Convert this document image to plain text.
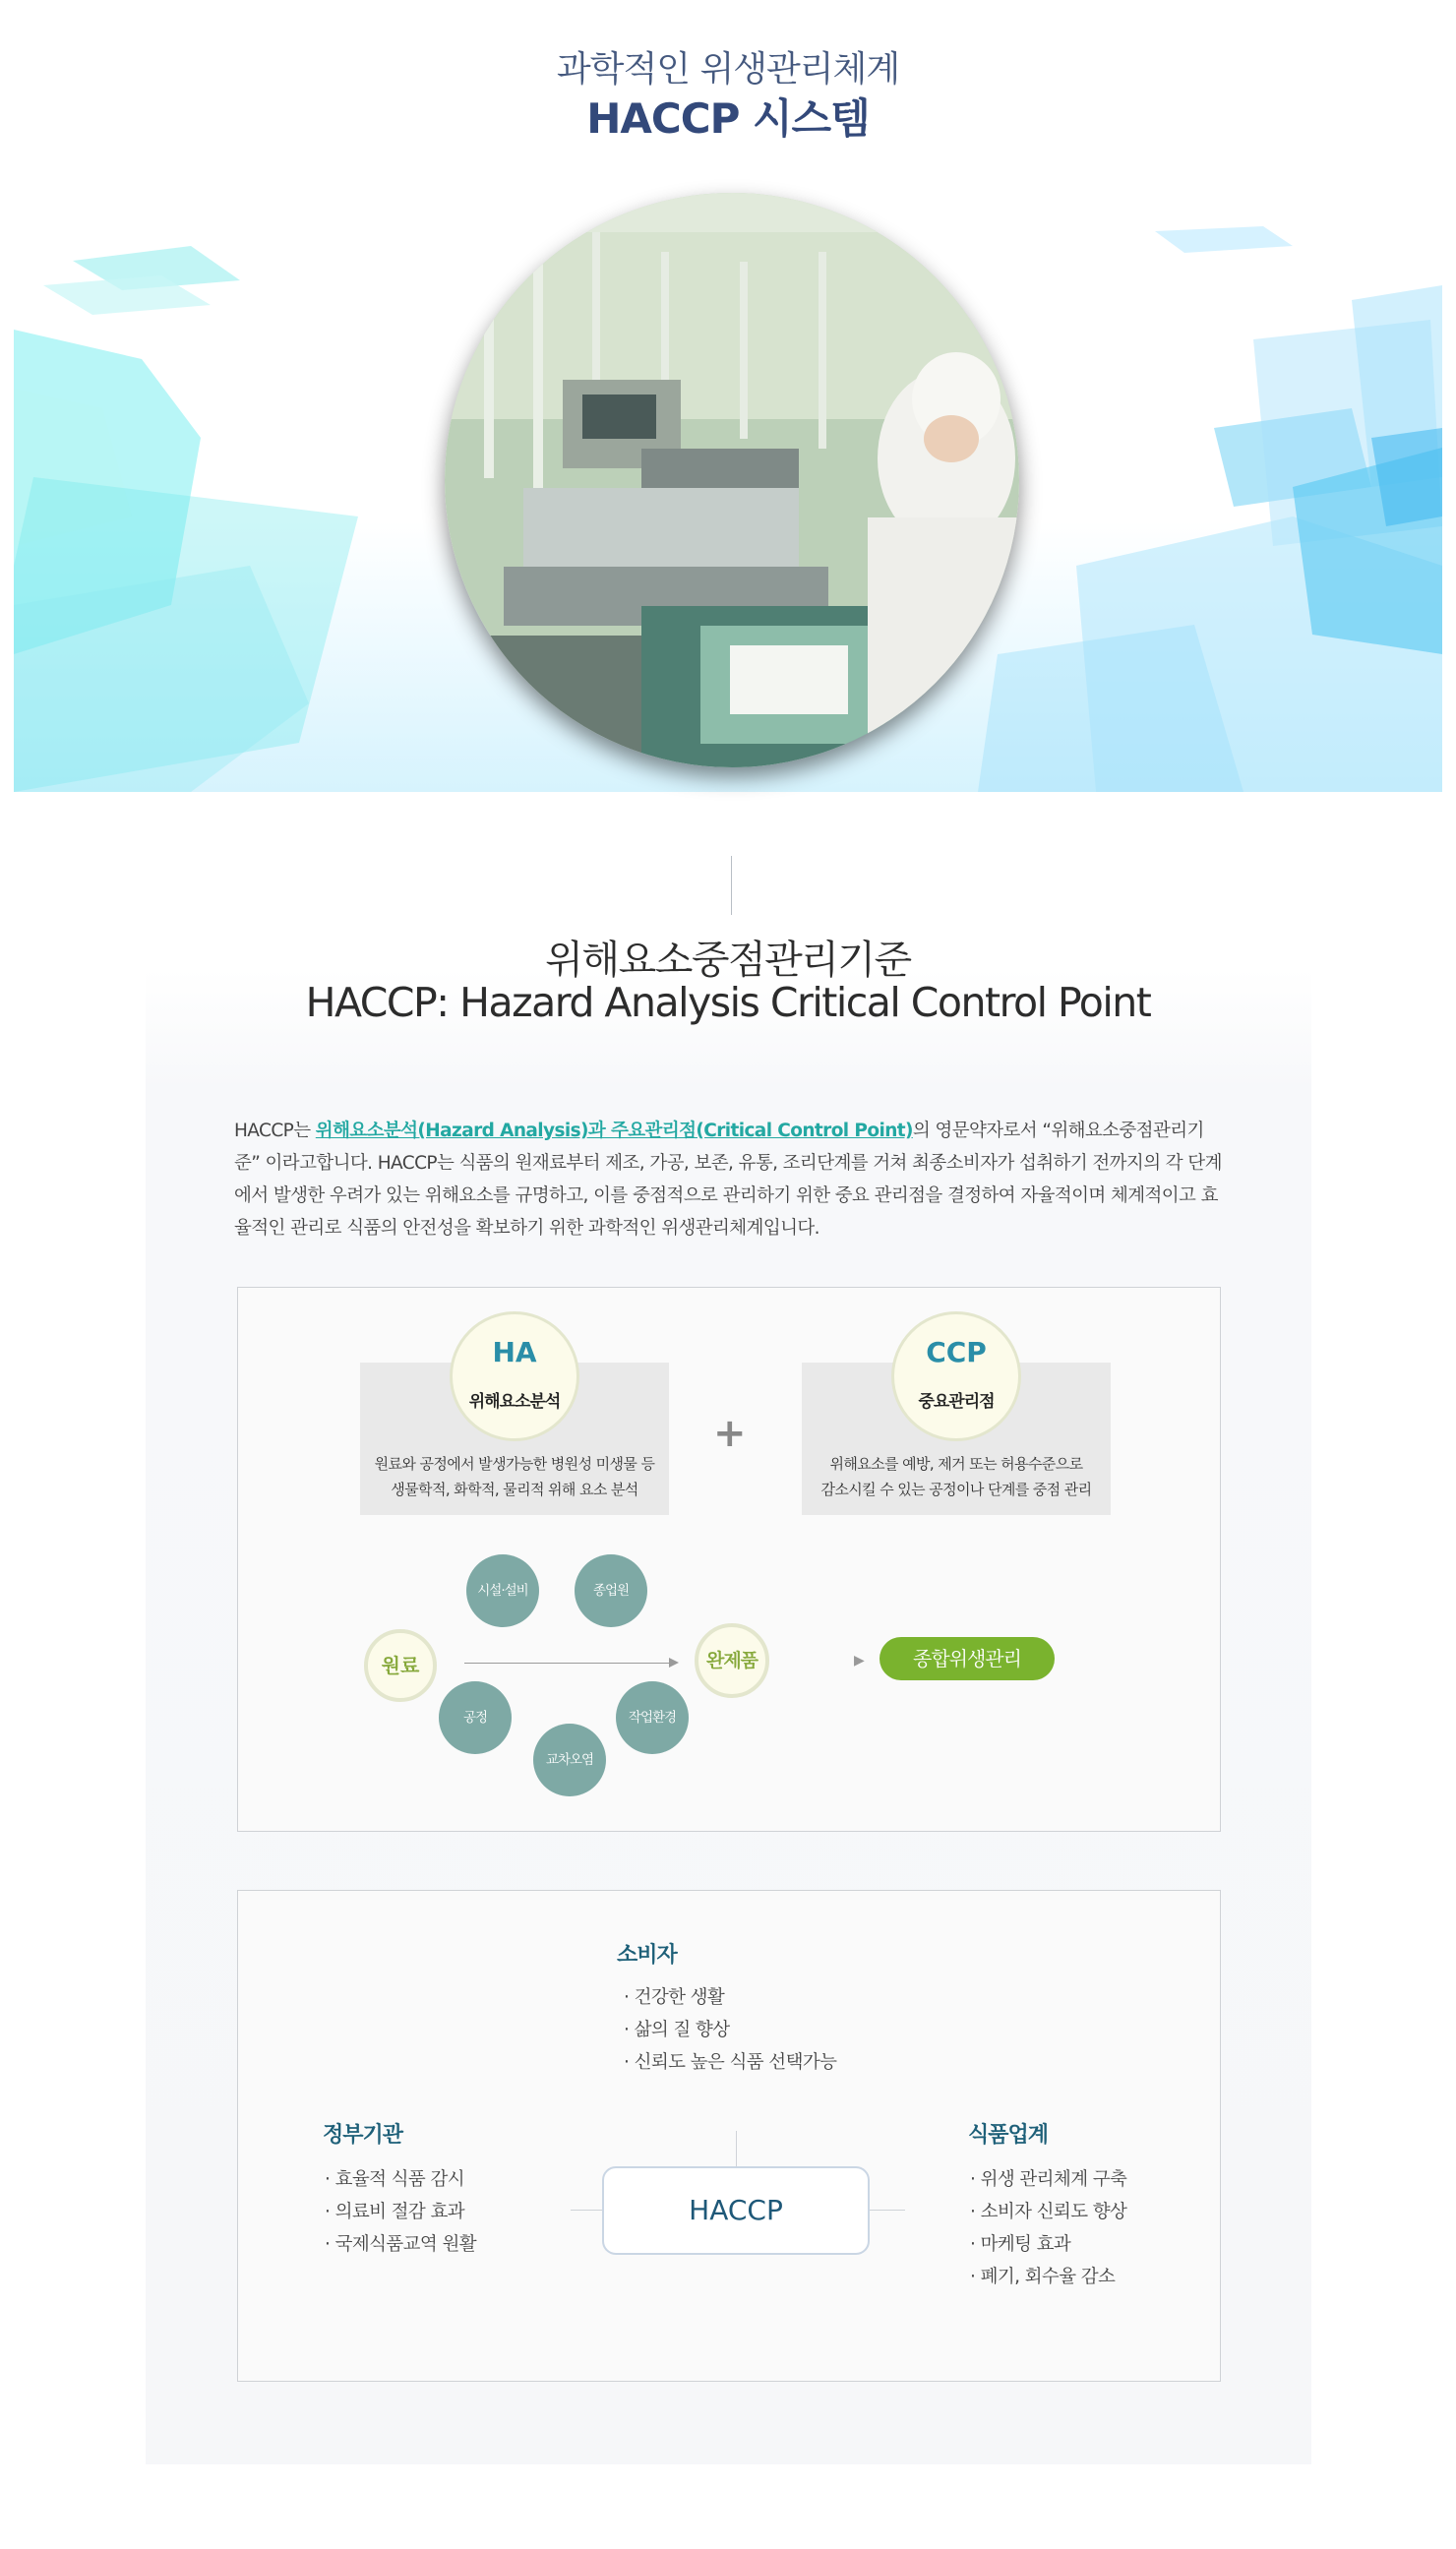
과학적인 위생관리체계
HACCP 시스템
위해요소중점관리기준
HACCP: Hazard Analysis Critical Control Point
HACCP는 위해요소분석(Hazard Analysis)과 주요관리점(Critical Control Point)의 영문약자로서 “위해요소중점관리기준” 이라고합니다. HACCP는 식품의 원재료부터 제조, 가공, 보존, 유통, 조리단계를 거쳐 최종소비자가 섭취하기 전까지의 각 단계에서 발생한 우려가 있는 위해요소를 규명하고, 이를 중점적으로 관리하기 위한 중요 관리점을 결정하여 자율적이며 체계적이고 효율적인 관리로 식품의 안전성을 확보하기 위한 과학적인 위생관리체계입니다.
원료와 공정에서 발생가능한 병원성 미생물 등
생물학적, 화학적, 물리적 위해 요소 분석
HA
위해요소분석
+
위해요소를 예방, 제거 또는 허용수준으로
감소시킬 수 있는 공정이나 단계를 중점 관리
CCP
중요관리점
시설·설비	종업원
공정
교차오염
작업환경
원료	완제품	▶	종합위생관리
소비자
· 건강한 생활
· 삶의 질 향상
· 신뢰도 높은 식품 선택가능
HACCP
정부기관
· 효율적 식품 감시
· 의료비 절감 효과
· 국제식품교역 원활
식품업계
· 위생 관리체계 구축
· 소비자 신뢰도 향상
· 마케팅 효과
· 폐기, 회수율 감소
